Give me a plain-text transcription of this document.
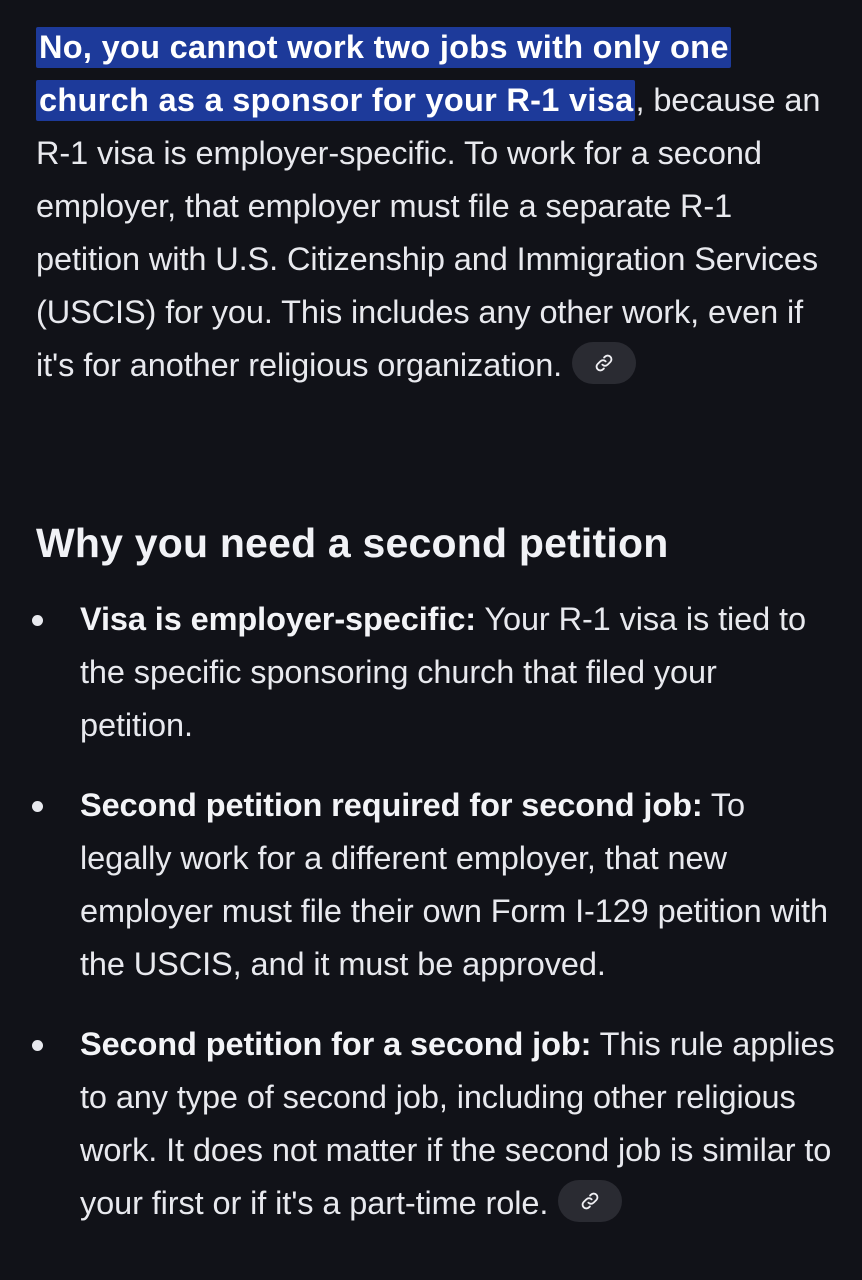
No, you cannot work two jobs with only one church as a sponsor for your R-1 visa, because an R-1 visa is employer-specific. To work for a second employer, that employer must file a separate R-1 petition with U.S. Citizenship and Immigration Services (USCIS) for you. This includes any other work, even if it's for another religious organization.

Why you need a second petition
Visa is employer-specific: Your R-1 visa is tied to the specific sponsoring church that filed your petition.
Second petition required for second job: To legally work for a different employer, that new employer must file their own Form I-129 petition with the USCIS, and it must be approved.
Second petition for a second job: This rule applies to any type of second job, including other religious work. It does not matter if the second job is similar to your first or if it's a part-time role.
